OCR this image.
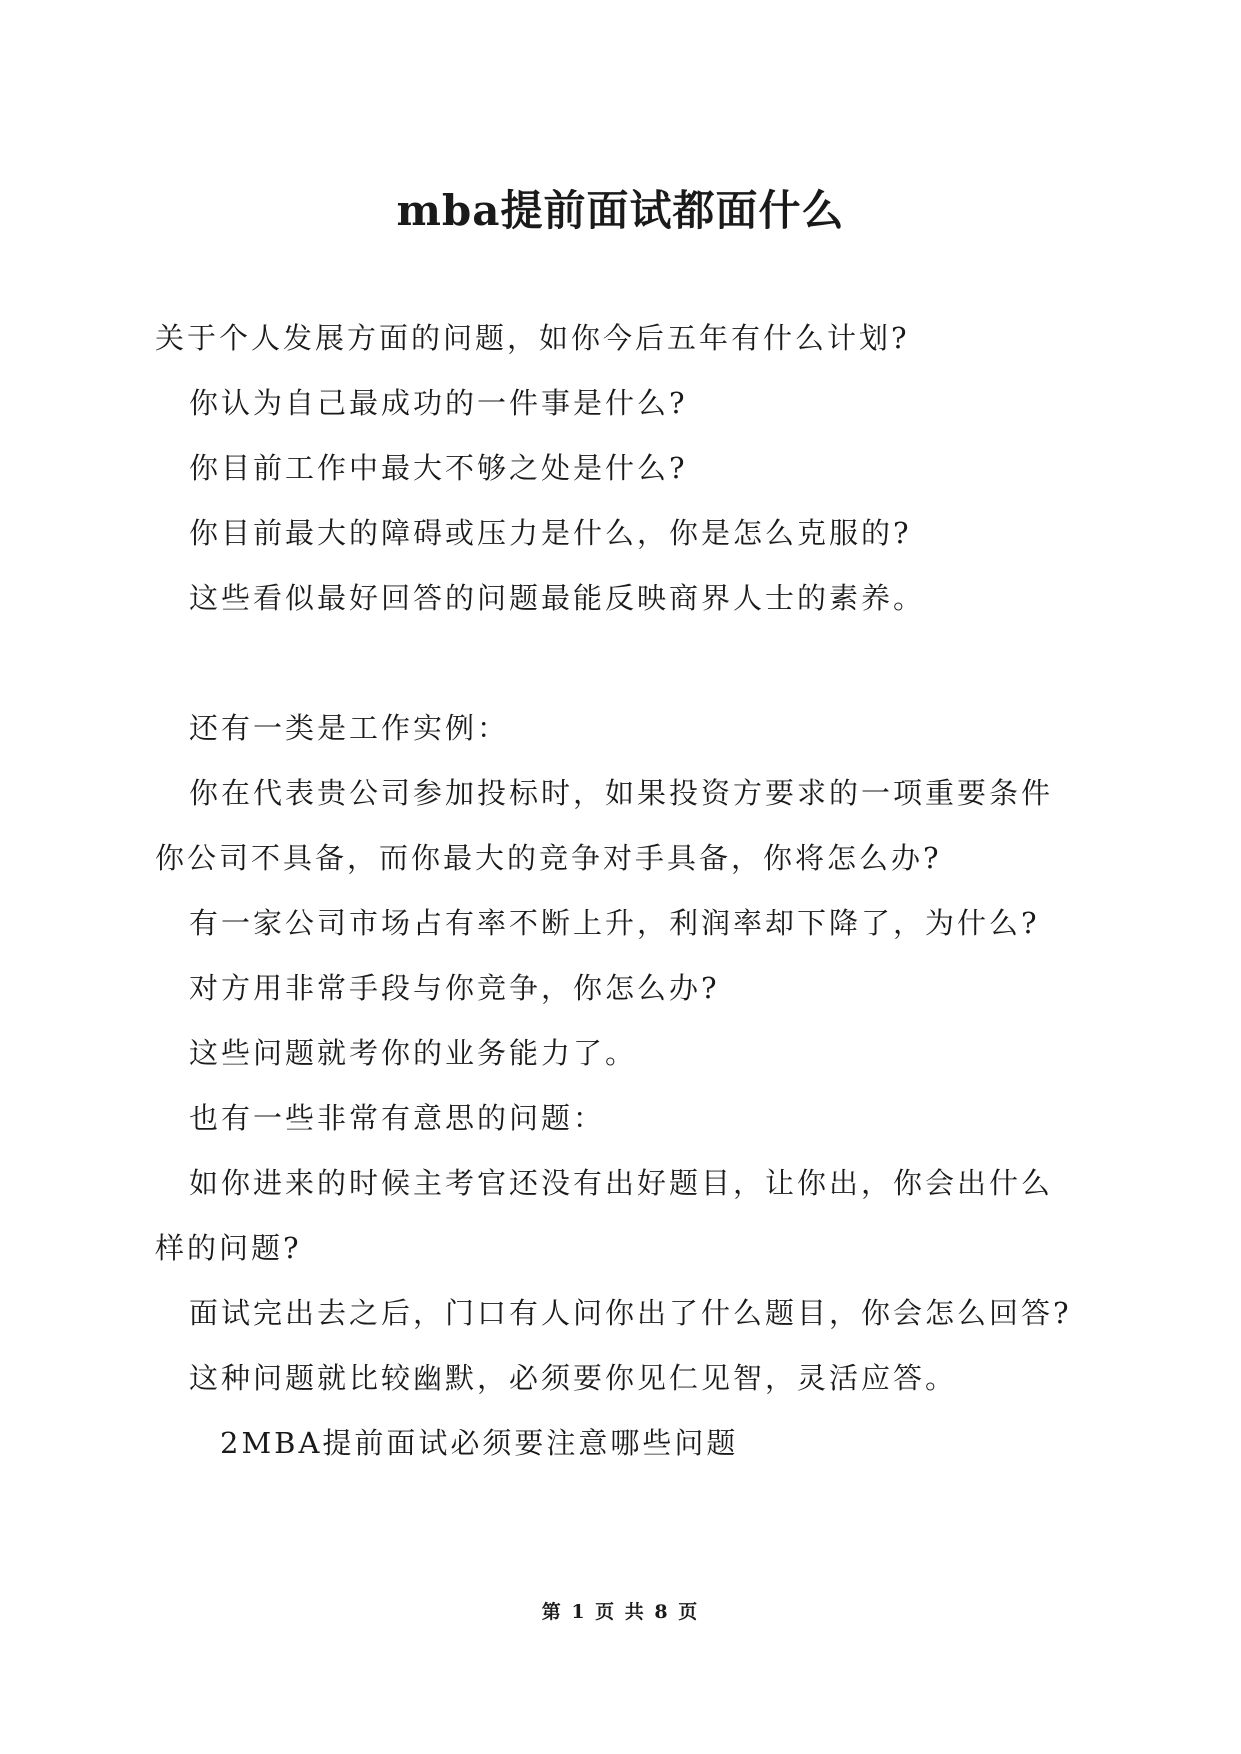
mba提前面试都面什么
关于个人发展方面的问题，如你今后五年有什么计划?
你认为自己最成功的一件事是什么?
你目前工作中最大不够之处是什么?
你目前最大的障碍或压力是什么，你是怎么克服的?
这些看似最好回答的问题最能反映商界人士的素养。
还有一类是工作实例：
你在代表贵公司参加投标时，如果投资方要求的一项重要条件
你公司不具备，而你最大的竞争对手具备，你将怎么办?
有一家公司市场占有率不断上升，利润率却下降了，为什么?
对方用非常手段与你竞争，你怎么办?
这些问题就考你的业务能力了。
也有一些非常有意思的问题：
如你进来的时候主考官还没有出好题目，让你出，你会出什么
样的问题?
面试完出去之后，门口有人问你出了什么题目，你会怎么回答?
这种问题就比较幽默，必须要你见仁见智，灵活应答。
2MBA提前面试必须要注意哪些问题
第 1 页 共 8 页
